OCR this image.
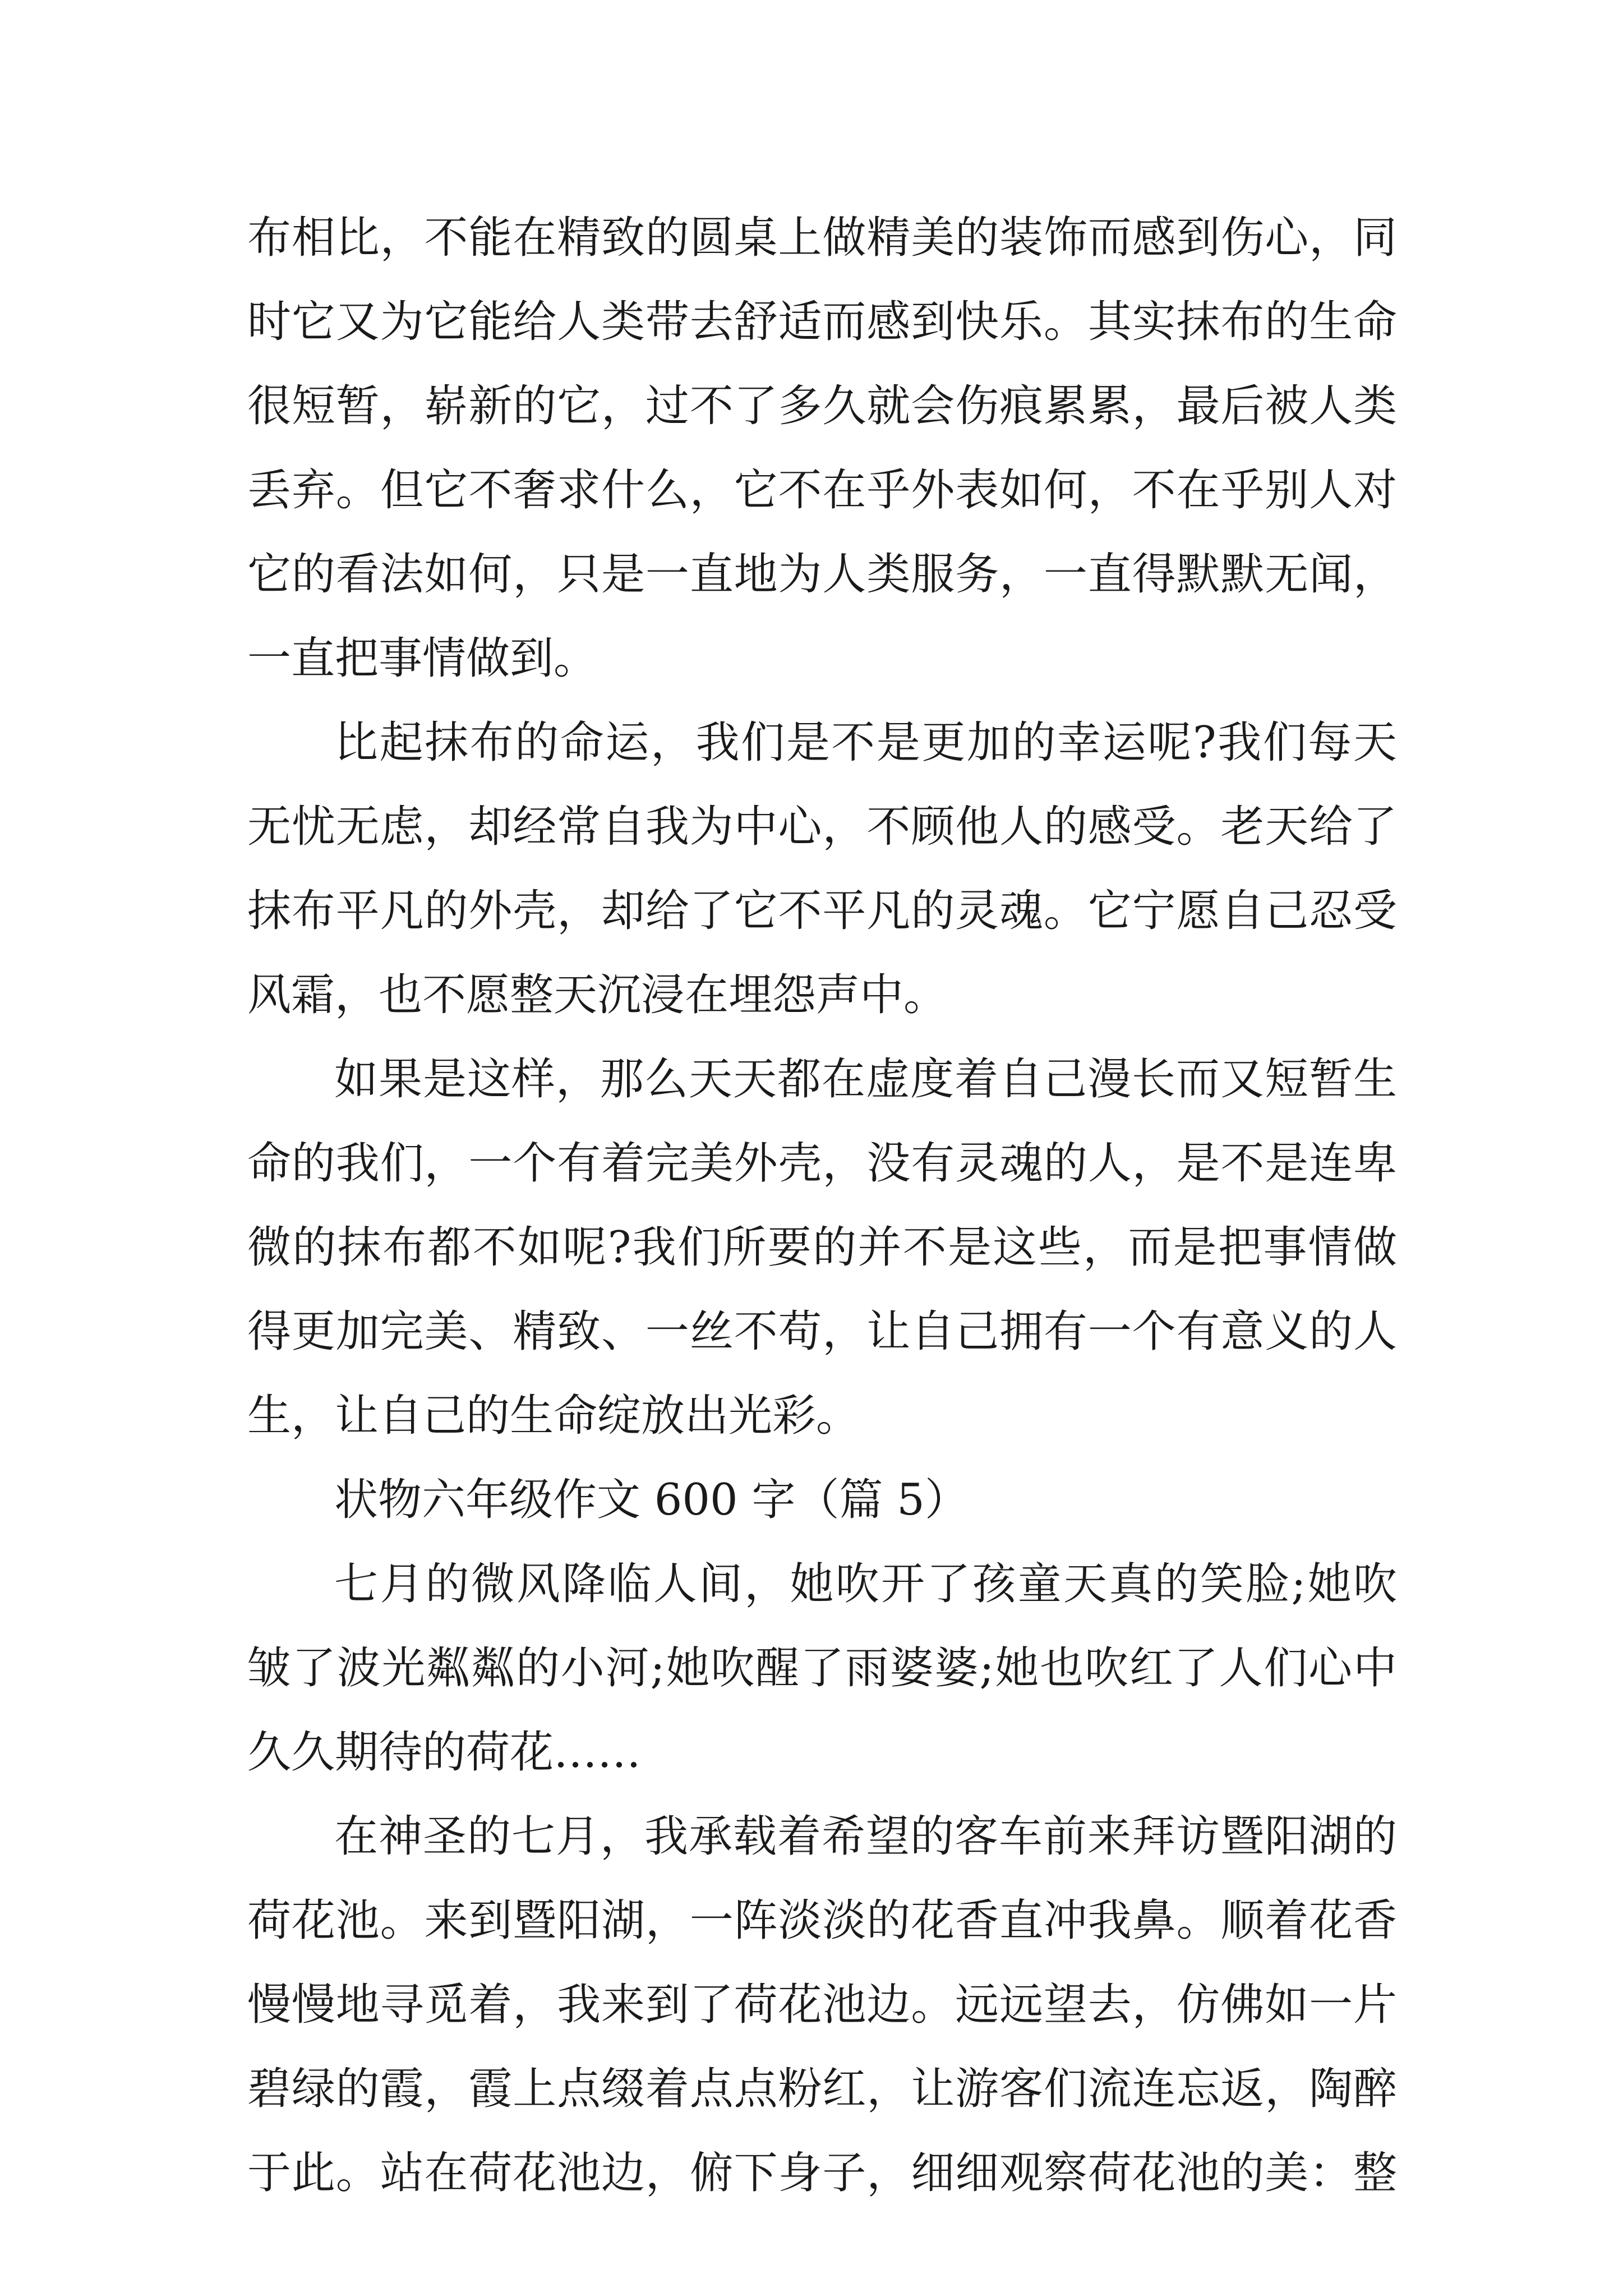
布相比，不能在精致的圆桌上做精美的装饰而感到伤心，同
时它又为它能给人类带去舒适而感到快乐。其实抹布的生命
很短暂，崭新的它，过不了多久就会伤痕累累，最后被人类
丢弃。但它不奢求什么，它不在乎外表如何，不在乎别人对
它的看法如何，只是一直地为人类服务，一直得默默无闻，
一直把事情做到。
比起抹布的命运，我们是不是更加的幸运呢?我们每天
无忧无虑，却经常自我为中心，不顾他人的感受。老天给了
抹布平凡的外壳，却给了它不平凡的灵魂。它宁愿自己忍受
风霜，也不愿整天沉浸在埋怨声中。
如果是这样，那么天天都在虚度着自己漫长而又短暂生
命的我们，一个有着完美外壳，没有灵魂的人，是不是连卑
微的抹布都不如呢?我们所要的并不是这些，而是把事情做
得更加完美、精致、一丝不苟，让自己拥有一个有意义的人
生，让自己的生命绽放出光彩。
状物六年级作文 600 字（篇 5）
七月的微风降临人间，她吹开了孩童天真的笑脸;她吹
皱了波光粼粼的小河;她吹醒了雨婆婆;她也吹红了人们心中
久久期待的荷花……
在神圣的七月，我承载着希望的客车前来拜访暨阳湖的
荷花池。来到暨阳湖，一阵淡淡的花香直冲我鼻。顺着花香
慢慢地寻觅着，我来到了荷花池边。远远望去，仿佛如一片
碧绿的霞，霞上点缀着点点粉红，让游客们流连忘返，陶醉
于此。站在荷花池边，俯下身子，细细观察荷花池的美：整
